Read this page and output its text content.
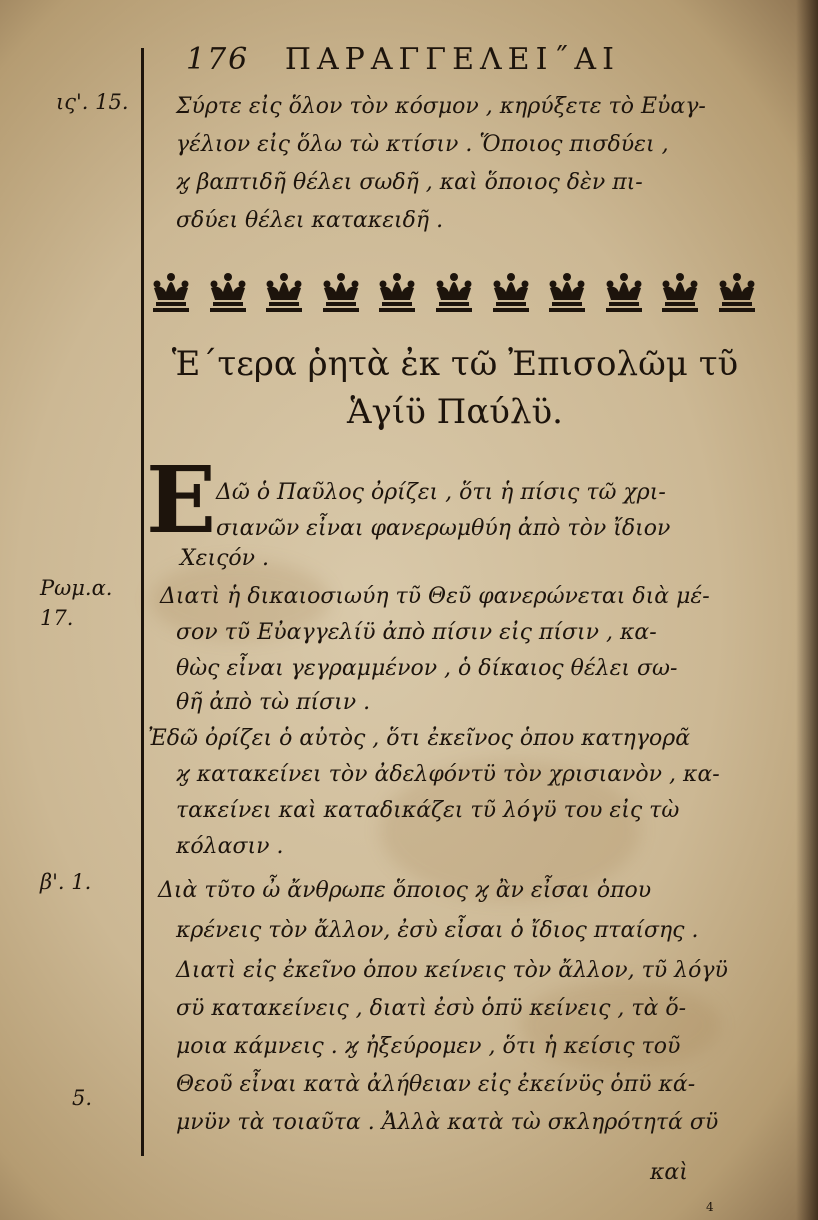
176 ΠΑΡΑΓΓΕΛΕΙ˝ΑΙ
ις'. 15.
Ρωμ.α.
17.
β'. 1.
5.
Σύρτε εἰς ὅλον τὸν κόσμον , κηρύξετε τὸ Εὐαγ-
γέλιον εἰς ὅλω τὼ κτίσιν . Ὅποιος πισδύει ,
ϗ βαπτιδῆ θέλει σωδῆ , καὶ ὅποιος δὲν πι-
σδύει θέλει κατακειδῆ .
Ἑ΄τερα ῥητὰ ἐκ τῶ Ἐπισολῶμ τῦ
Ἁγίϋ Παύλϋ.
E Δῶ ὁ Παῦλος ὀρίζει , ὅτι ἡ πίσις τῶ χρι-
σιανῶν εἶναι φανερωμθύη ἀπὸ τὸν ἴδιον
Χειςόν .
Διατὶ ἡ δικαιοσιωύη τῦ Θεῦ φανερώνεται διὰ μέ-
σον τῦ Εὐαγγελίϋ ἀπὸ πίσιν εἰς πίσιν , κα-
θὼς εἶναι γεγραμμένον , ὁ δίκαιος θέλει σω-
θῆ ἀπὸ τὼ πίσιν .
Ἐδῶ ὀρίζει ὁ αὐτὸς , ὅτι ἐκεῖνος ὁπου κατηγορᾶ
ϗ κατακείνει τὸν ἀδελφόντϋ τὸν χρισιανὸν , κα-
τακείνει καὶ καταδικάζει τῦ λόγϋ του εἰς τὼ
κόλασιν .
Διὰ τῦτο ὦ ἄνθρωπε ὅποιος ϗ ἂν εἶσαι ὁπου
κρένεις τὸν ἄλλον, ἐσὺ εἶσαι ὁ ἴδιος πταίσης .
Διατὶ εἰς ἐκεῖνο ὁπου κείνεις τὸν ἄλλον, τῦ λόγϋ
σϋ κατακείνεις , διατὶ ἐσὺ ὁπϋ κείνεις , τὰ ὅ-
μοια κάμνεις . ϗ ἠξεύρομεν , ὅτι ἡ κείσις τοῦ
Θεοῦ εἶναι κατὰ ἀλήθειαν εἰς ἐκείνϋς ὁπϋ κά-
μνϋν τὰ τοιαῦτα . Ἀλλὰ κατὰ τὼ σκληρότητά σϋ
καὶ
4
